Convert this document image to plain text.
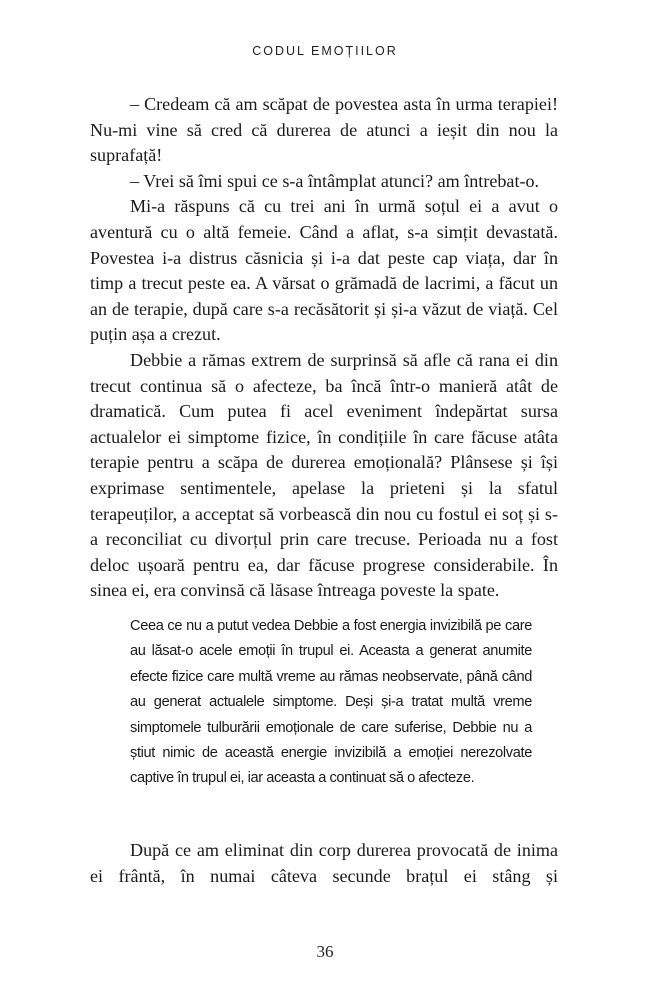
CODUL EMOȚIILOR

– Credeam că am scăpat de povestea asta în urma terapiei! Nu-mi vine să cred că durerea de atunci a ieșit din nou la suprafață!

– Vrei să îmi spui ce s-a întâmplat atunci? am întrebat-o.

Mi-a răspuns că cu trei ani în urmă soțul ei a avut o aventură cu o altă femeie. Când a aflat, s-a simțit devastată. Povestea i-a distrus căsnicia și i-a dat peste cap viața, dar în timp a trecut peste ea. A vărsat o grămadă de lacrimi, a făcut un an de terapie, după care s-a recăsătorit și și-a văzut de viață. Cel puțin așa a crezut.

Debbie a rămas extrem de surprinsă să afle că rana ei din trecut continua să o afecteze, ba încă într-o manieră atât de dramatică. Cum putea fi acel eveniment îndepărtat sursa actualelor ei simptome fizice, în condițiile în care făcuse atâta terapie pentru a scăpa de durerea emoțională? Plânsese și își exprimase sentimentele, apelase la prieteni și la sfatul terapeuților, a acceptat să vorbească din nou cu fostul ei soț și s-a reconciliat cu divorțul prin care trecuse. Perioada nu a fost deloc ușoară pentru ea, dar făcuse progrese considerabile. În sinea ei, era convinsă că lăsase întreaga poveste la spate.

Ceea ce nu a putut vedea Debbie a fost energia invizibilă pe care au lăsat-o acele emoții în trupul ei. Aceasta a generat anumite efecte fizice care multă vreme au rămas neobservate, până când au generat actualele simptome. Deși și-a tratat multă vreme simptomele tulburării emoționale de care suferise, Debbie nu a știut nimic de această energie invizibilă a emoției nerezolvate captive în trupul ei, iar aceasta a continuat să o afecteze.

După ce am eliminat din corp durerea provocată de inima ei frântă, în numai câteva secunde brațul ei stâng și

36
